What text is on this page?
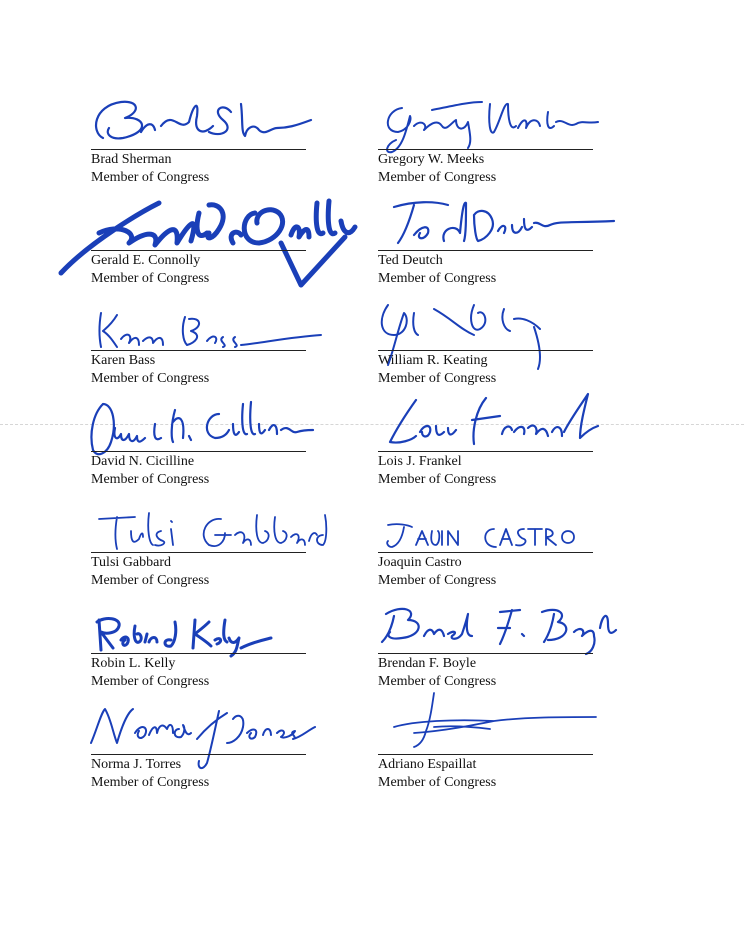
Brad Sherman
Member of Congress
Gregory W. Meeks
Member of Congress
Gerald E. Connolly
Member of Congress
Ted Deutch
Member of Congress
Karen Bass
Member of Congress
William R. Keating
Member of Congress
David N. Cicilline
Member of Congress
Lois J. Frankel
Member of Congress
Tulsi Gabbard
Member of Congress
Joaquin Castro
Member of Congress
Robin L. Kelly
Member of Congress
Brendan F. Boyle
Member of Congress
Norma J. Torres
Member of Congress
Adriano Espaillat
Member of Congress
